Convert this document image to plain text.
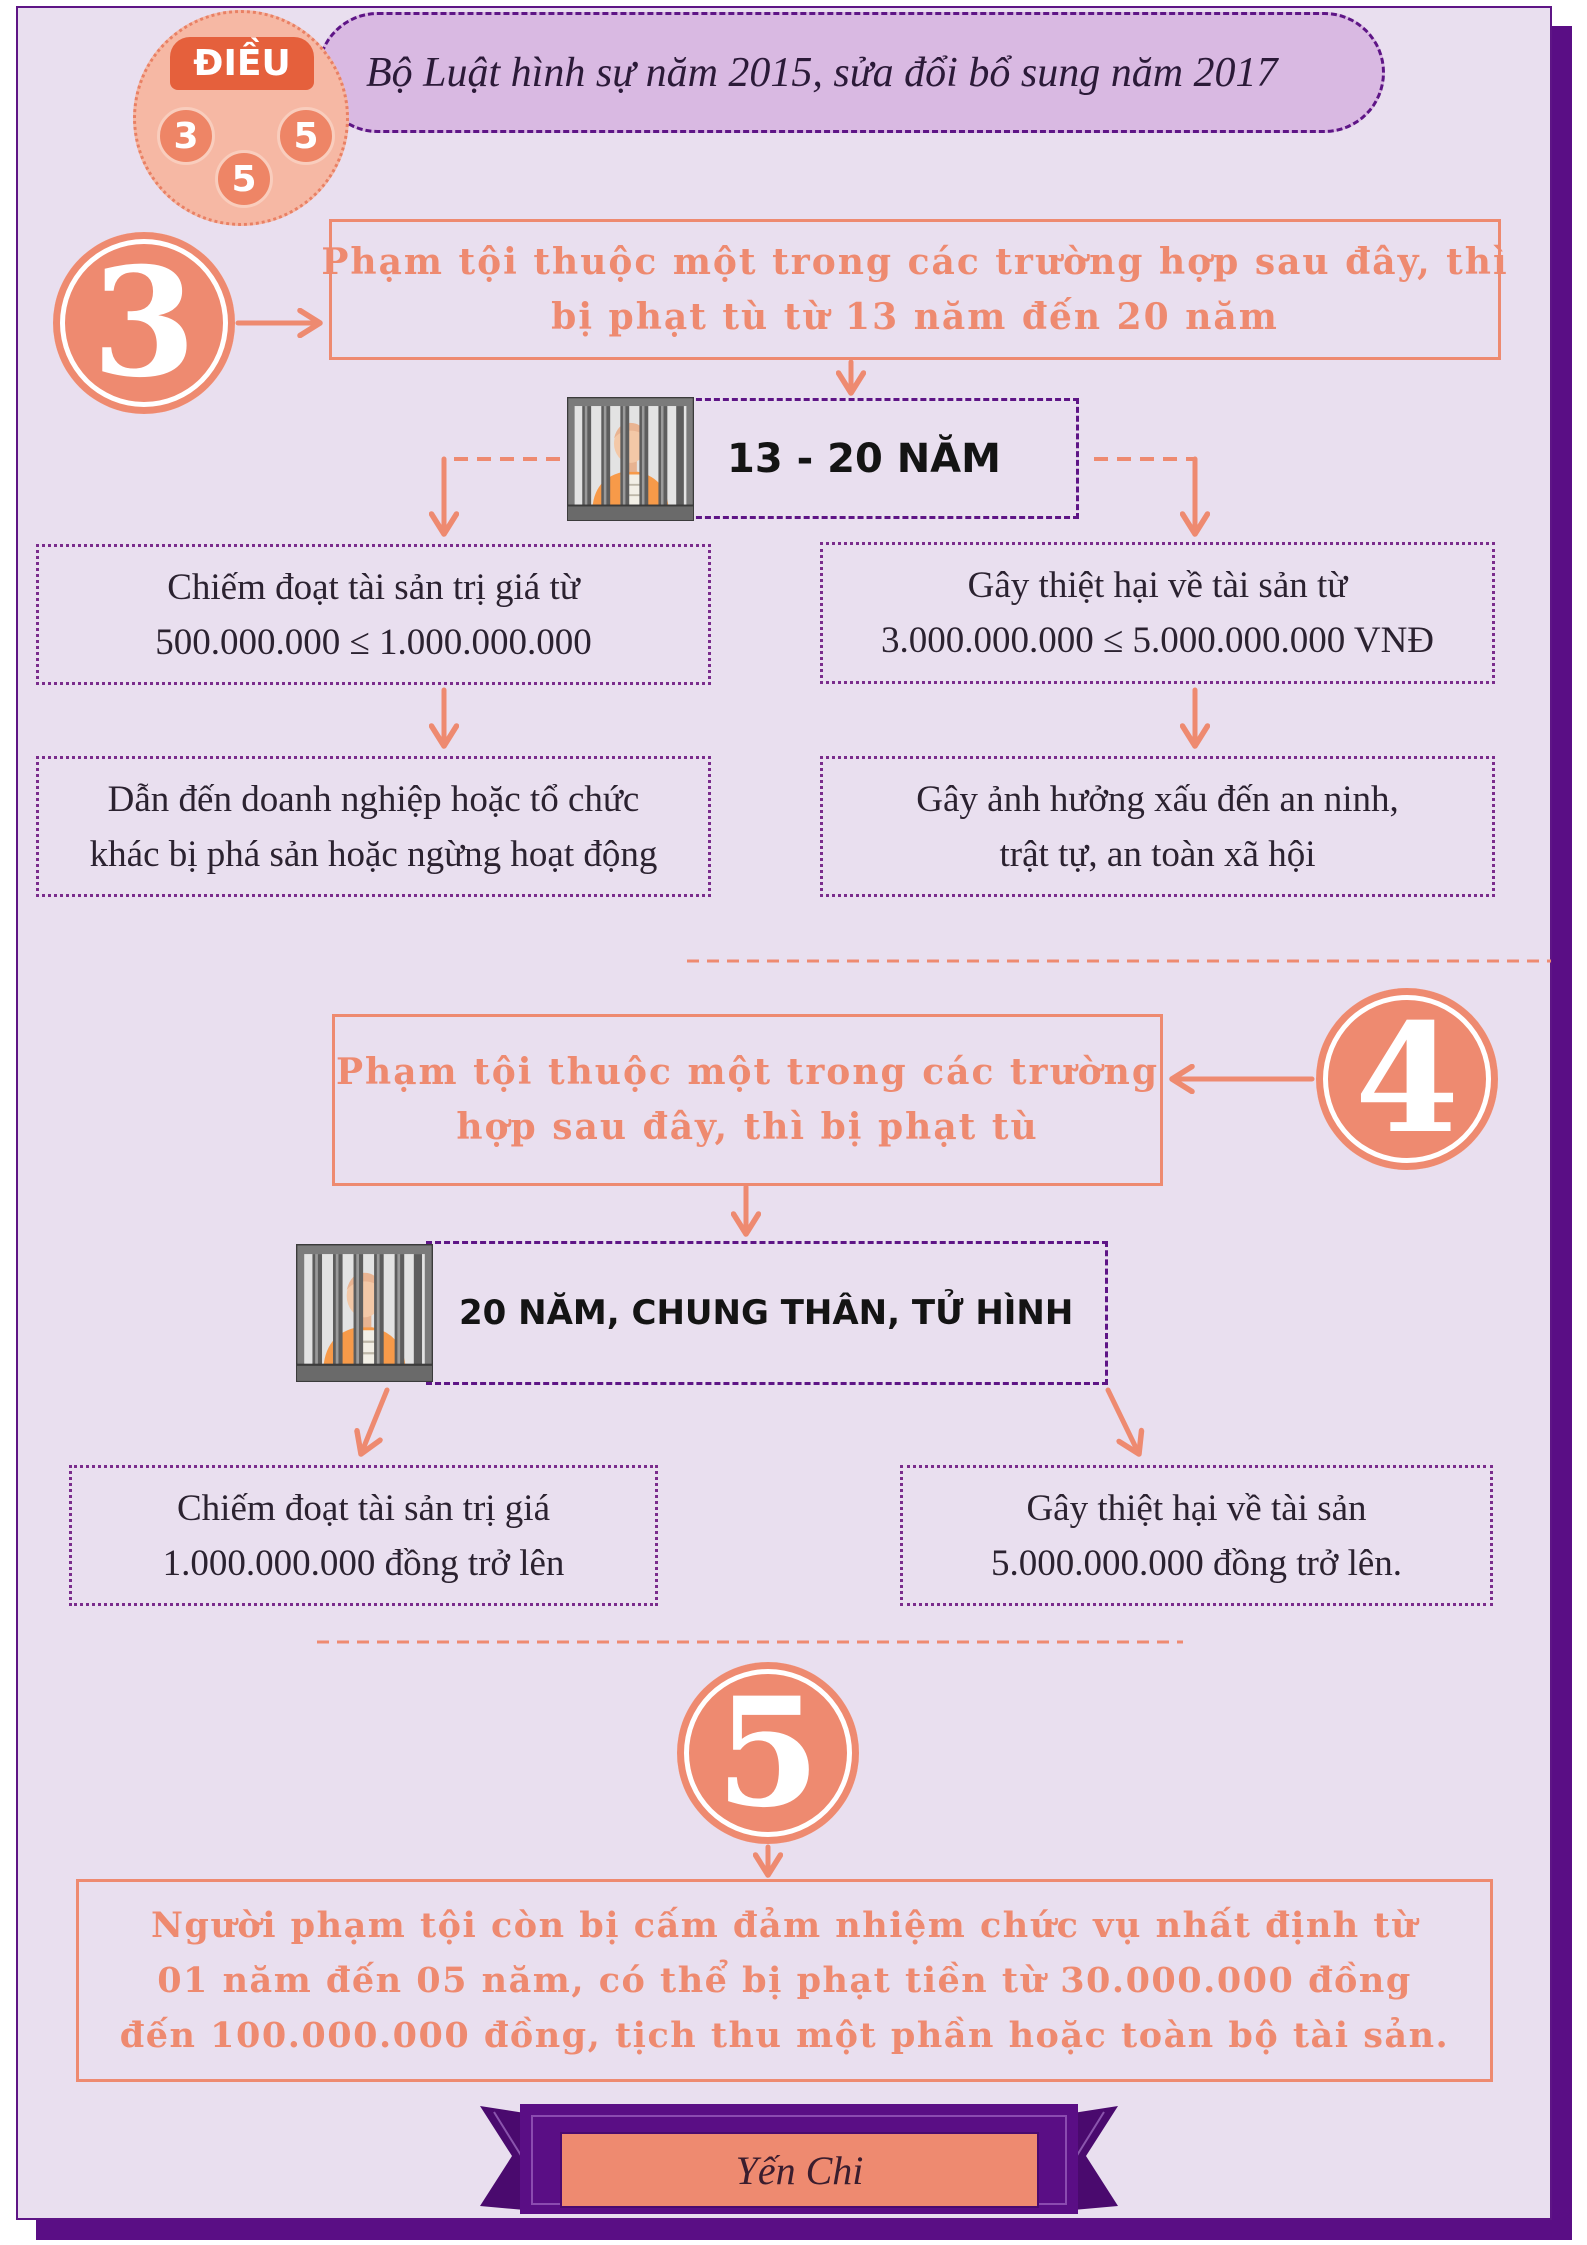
Bộ Luật hình sự năm 2015, sửa đổi bổ sung năm 2017
ĐIỀU
3
5
5
3	Phạm tội thuộc một trong các trường hợp sau đây, thì
bị phạt tù từ 13 năm đến 20 năm
13 - 20 NĂM
Chiếm đoạt tài sản trị giá từ
500.000.000 ≤ 1.000.000.000
Gây thiệt hại về tài sản từ
3.000.000.000 ≤ 5.000.000.000 VNĐ
Dẫn đến doanh nghiệp hoặc tổ chức
khác bị phá sản hoặc ngừng hoạt động
Gây ảnh hưởng xấu đến an ninh,
trật tự, an toàn xã hội
4
Phạm tội thuộc một trong các trường
hợp sau đây, thì bị phạt tù
20 NĂM, CHUNG THÂN, TỬ HÌNH
Chiếm đoạt tài sản trị giá
1.000.000.000 đồng trở lên
Gây thiệt hại về tài sản
5.000.000.000 đồng trở lên.
5
Người phạm tội còn bị cấm đảm nhiệm chức vụ nhất định từ
01 năm đến 05 năm, có thể bị phạt tiền từ 30.000.000 đồng
đến 100.000.000 đồng, tịch thu một phần hoặc toàn bộ tài sản.
Yến Chi
